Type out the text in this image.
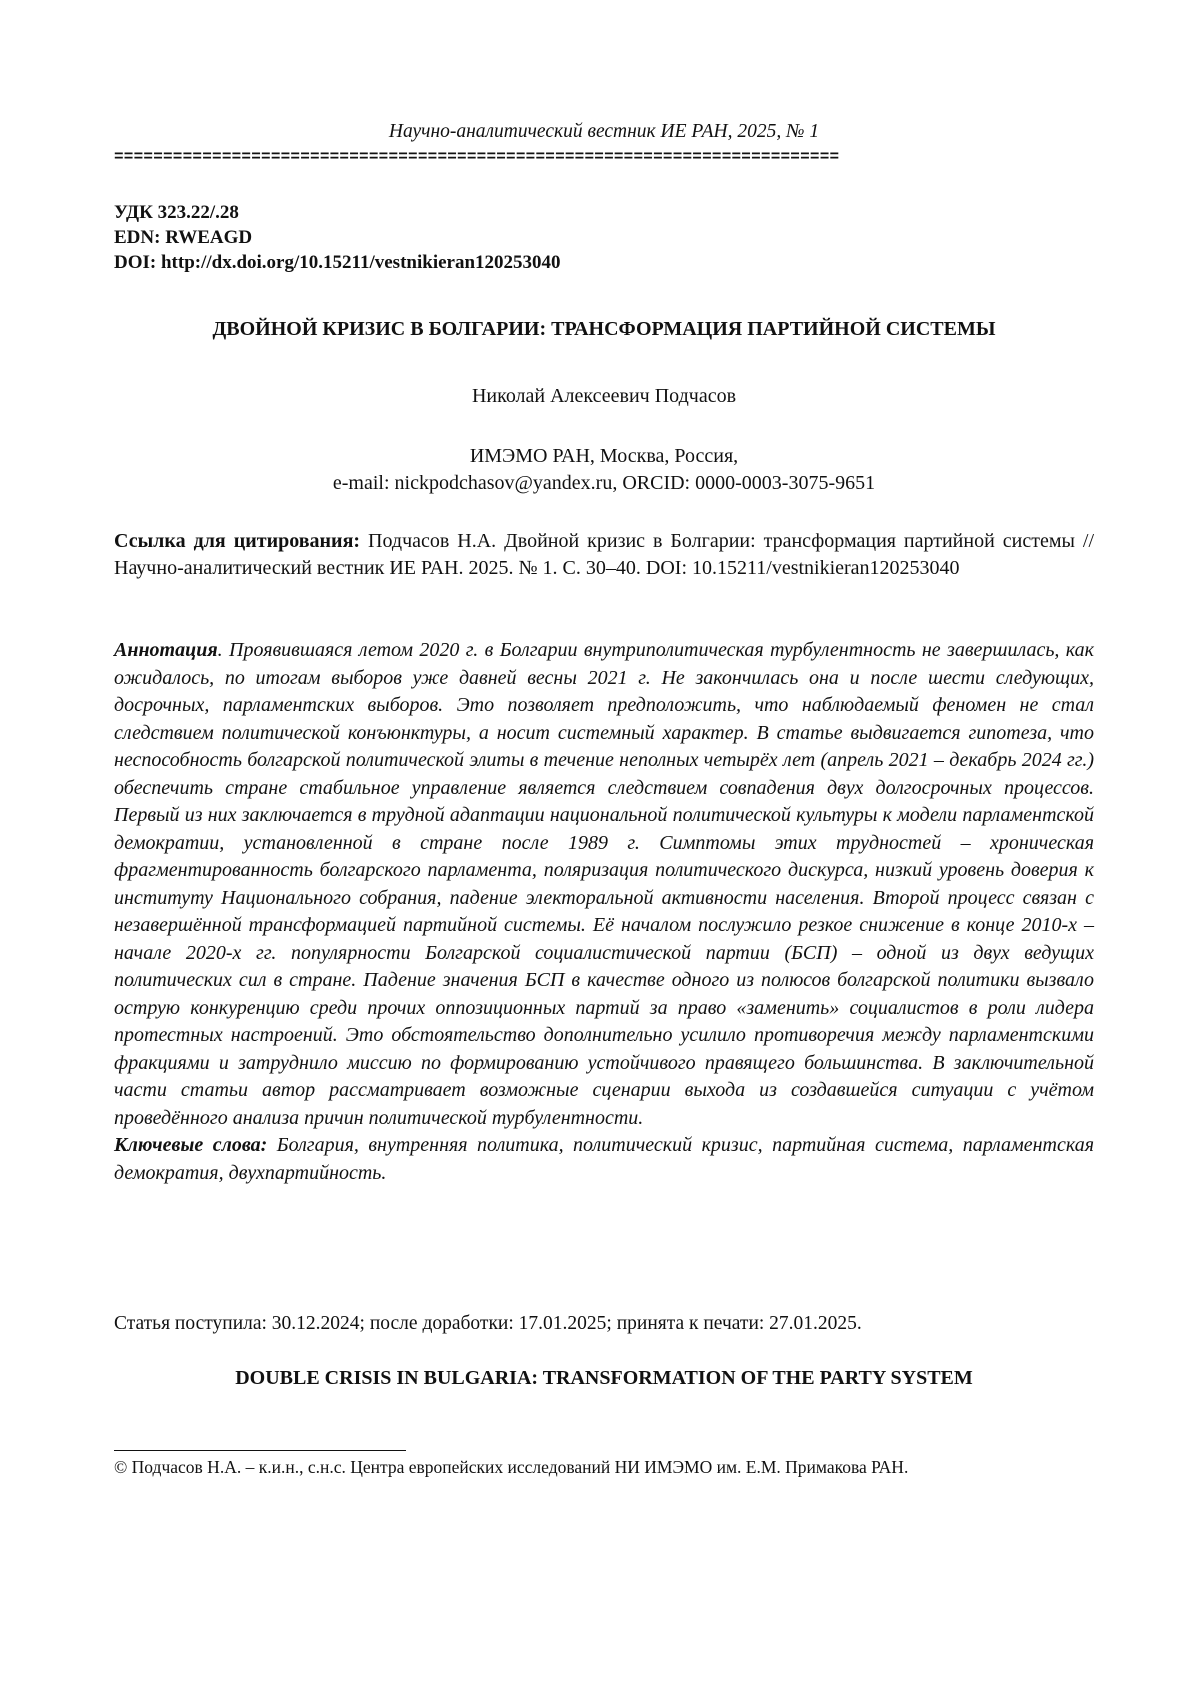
Научно-аналитический вестник ИЕ РАН, 2025, № 1
==========================================================================
УДК 323.22/.28
EDN: RWEAGD
DOI: http://dx.doi.org/10.15211/vestnikieran120253040
ДВОЙНОЙ КРИЗИС В БОЛГАРИИ: ТРАНСФОРМАЦИЯ ПАРТИЙНОЙ СИСТЕМЫ
Николай Алексеевич Подчасов
ИМЭМО РАН, Москва, Россия,
e-mail: nickpodchasov@yandex.ru, ORCID: 0000-0003-3075-9651
Ссылка для цитирования: Подчасов Н.А. Двойной кризис в Болгарии: трансформация партийной системы // Научно-аналитический вестник ИЕ РАН. 2025. № 1. С. 30–40. DOI: 10.15211/vestnikieran120253040
Аннотация. Проявившаяся летом 2020 г. в Болгарии внутриполитическая турбулентность не завершилась, как ожидалось, по итогам выборов уже давней весны 2021 г. Не закончилась она и после шести следующих, досрочных, парламентских выборов. Это позволяет предположить, что наблюдаемый феномен не стал следствием политической конъюнктуры, а носит системный характер. В статье выдвигается гипотеза, что неспособность болгарской политической элиты в течение неполных четырёх лет (апрель 2021 – декабрь 2024 гг.) обеспечить стране стабильное управление является следствием совпадения двух долгосрочных процессов. Первый из них заключается в трудной адаптации национальной политической культуры к модели парламентской демократии, установленной в стране после 1989 г. Симптомы этих трудностей – хроническая фрагментированность болгарского парламента, поляризация политического дискурса, низкий уровень доверия к институту Национального собрания, падение электоральной активности населения. Второй процесс связан с незавершённой трансформацией партийной системы. Её началом послужило резкое снижение в конце 2010-х – начале 2020-х гг. популярности Болгарской социалистической партии (БСП) – одной из двух ведущих политических сил в стране. Падение значения БСП в качестве одного из полюсов болгарской политики вызвало острую конкуренцию среди прочих оппозиционных партий за право «заменить» социалистов в роли лидера протестных настроений. Это обстоятельство дополнительно усилило противоречия между парламентскими фракциями и затруднило миссию по формированию устойчивого правящего большинства. В заключительной части статьи автор рассматривает возможные сценарии выхода из создавшейся ситуации с учётом проведённого анализа причин политической турбулентности.
Ключевые слова: Болгария, внутренняя политика, политический кризис, партийная система, парламентская демократия, двухпартийность.
Статья поступила: 30.12.2024; после доработки: 17.01.2025; принята к печати: 27.01.2025.
DOUBLE CRISIS IN BULGARIA: TRANSFORMATION OF THE PARTY SYSTEM
© Подчасов Н.А. – к.и.н., с.н.с. Центра европейских исследований НИ ИМЭМО им. Е.М. Примакова РАН.
